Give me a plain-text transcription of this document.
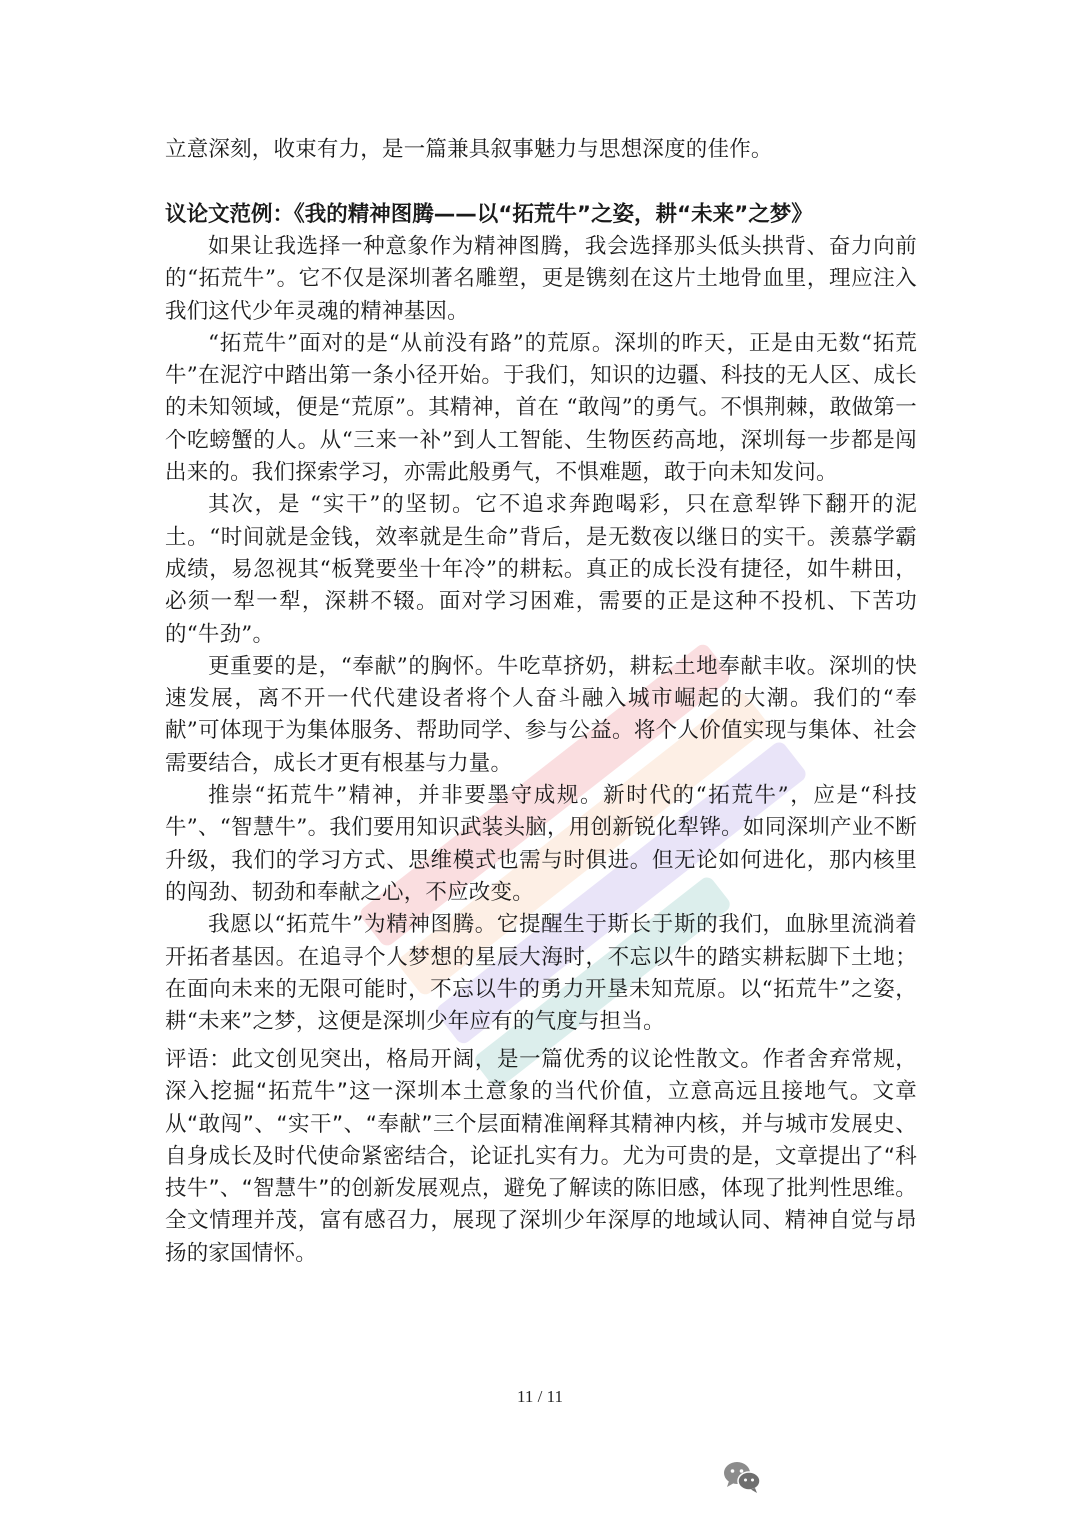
立意深刻，收束有力，是一篇兼具叙事魅力与思想深度的佳作。
议论文范例：《我的精神图腾——以“拓荒牛”之姿，耕“未来”之梦》

如果让我选择一种意象作为精神图腾，我会选择那头低头拱背、奋力向前的“拓荒牛”。它不仅是深圳著名雕塑，更是镌刻在这片土地骨血里，理应注入我们这代少年灵魂的精神基因。

“拓荒牛”面对的是“从前没有路”的荒原。深圳的昨天，正是由无数“拓荒牛”在泥泞中踏出第一条小径开始。于我们，知识的边疆、科技的无人区、成长的未知领域，便是“荒原”。其精神，首在 “敢闯”的勇气。不惧荆棘，敢做第一个吃螃蟹的人。从“三来一补”到人工智能、生物医药高地，深圳每一步都是闯出来的。我们探索学习，亦需此般勇气，不惧难题，敢于向未知发问。

其次，是 “实干”的坚韧。它不追求奔跑喝彩，只在意犁铧下翻开的泥土。“时间就是金钱，效率就是生命”背后，是无数夜以继日的实干。羡慕学霸成绩，易忽视其“板凳要坐十年冷”的耕耘。真正的成长没有捷径，如牛耕田，必须一犁一犁，深耕不辍。面对学习困难，需要的正是这种不投机、下苦功的“牛劲”。

更重要的是，“奉献”的胸怀。牛吃草挤奶，耕耘土地奉献丰收。深圳的快速发展，离不开一代代建设者将个人奋斗融入城市崛起的大潮。我们的“奉献”可体现于为集体服务、帮助同学、参与公益。将个人价值实现与集体、社会需要结合，成长才更有根基与力量。

推崇“拓荒牛”精神，并非要墨守成规。新时代的“拓荒牛”，应是“科技牛”、“智慧牛”。我们要用知识武装头脑，用创新锐化犁铧。如同深圳产业不断升级，我们的学习方式、思维模式也需与时俱进。但无论如何进化，那内核里的闯劲、韧劲和奉献之心，不应改变。

我愿以“拓荒牛”为精神图腾。它提醒生于斯长于斯的我们，血脉里流淌着开拓者基因。在追寻个人梦想的星辰大海时，不忘以牛的踏实耕耘脚下土地；在面向未来的无限可能时，不忘以牛的勇力开垦未知荒原。以“拓荒牛”之姿，耕“未来”之梦，这便是深圳少年应有的气度与担当。

评语：此文创见突出，格局开阔，是一篇优秀的议论性散文。作者舍弃常规，深入挖掘“拓荒牛”这一深圳本土意象的当代价值，立意高远且接地气。文章从“敢闯”、“实干”、“奉献”三个层面精准阐释其精神内核，并与城市发展史、自身成长及时代使命紧密结合，论证扎实有力。尤为可贵的是，文章提出了“科技牛”、“智慧牛”的创新发展观点，避免了解读的陈旧感，体现了批判性思维。全文情理并茂，富有感召力，展现了深圳少年深厚的地域认同、精神自觉与昂扬的家国情怀。

11 / 11
